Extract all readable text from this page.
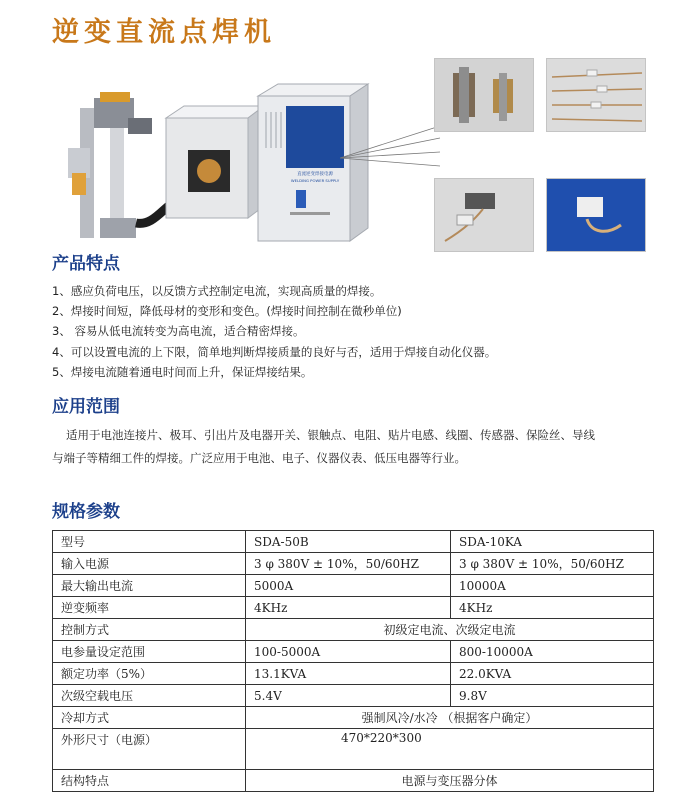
逆变直流点焊机
直流逆变焊接电源
WELDING POWER SUPPLY
产品特点
1、感应负荷电压，以反馈方式控制定电流，实现高质量的焊接。
2、焊接时间短，降低母材的变形和变色。(焊接时间控制在微秒单位)
3、 容易从低电流转变为高电流，适合精密焊接。
4、可以设置电流的上下限，简单地判断焊接质量的良好与否，适用于焊接自动化仪器。
5、焊接电流随着通电时间而上升，保证焊接结果。
应用范围
适用于电池连接片、极耳、引出片及电器开关、银触点、电阻、贴片电感、线圈、传感器、保险丝、导线
与端子等精细工件的焊接。广泛应用于电池、电子、仪器仪表、低压电器等行业。
规格参数
型号	SDA-50B	SDA-10KA
输入电源	3 φ 380V ± 10%，50/60HZ	3 φ 380V ± 10%，50/60HZ
最大输出电流	5000A	10000A
逆变频率	4KHz	4KHz
控制方式	初级定电流、次级定电流	
电参量设定范围	100-5000A	800-10000A
额定功率（5%）	13.1KVA	22.0KVA
次级空载电压	5.4V	9.8V
冷却方式	强制风冷/水冷 （根据客户确定）	
外形尺寸（电源）	470*220*300	
结构特点	电源与变压器分体	
